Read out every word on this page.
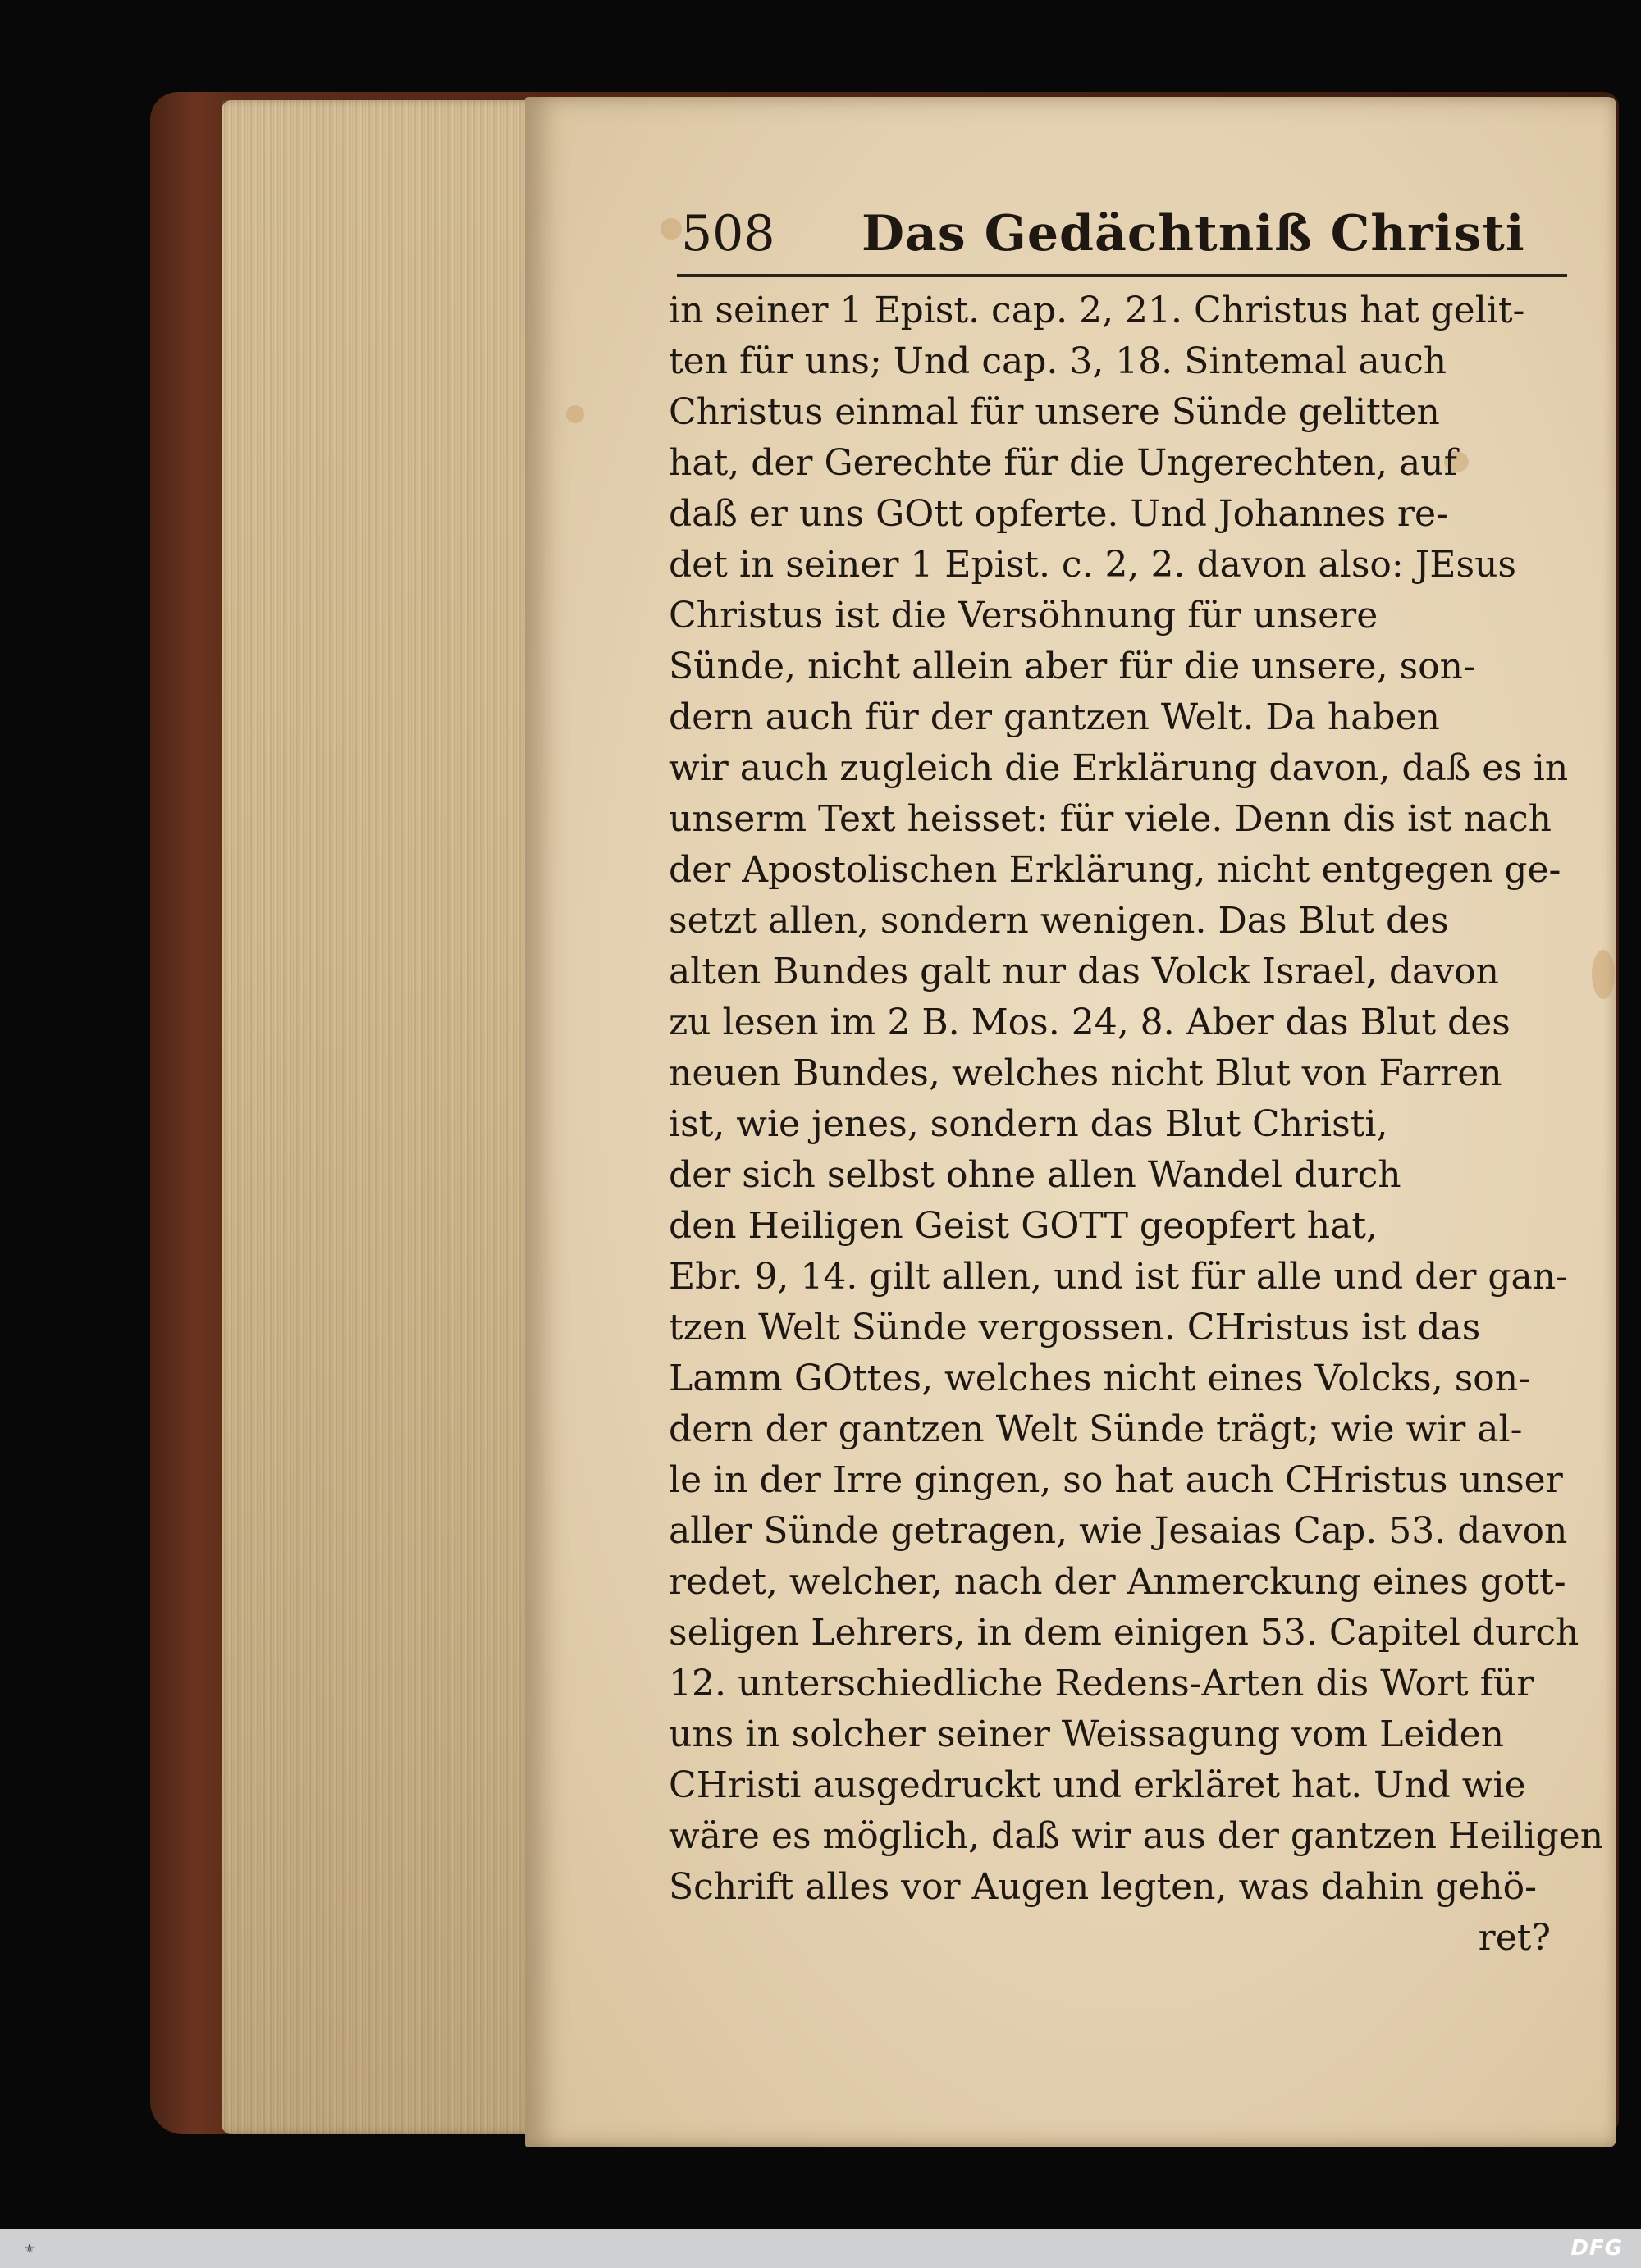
508 Das Gedächtniß Christi
in seiner 1 Epist. cap. 2, 21. Christus hat gelit-
ten für uns; Und cap. 3, 18. Sintemal auch
Christus einmal für unsere Sünde gelitten
hat, der Gerechte für die Ungerechten, auf
daß er uns GOtt opferte. Und Johannes re-
det in seiner 1 Epist. c. 2, 2. davon also: JEsus
Christus ist die Versöhnung für unsere
Sünde, nicht allein aber für die unsere, son-
dern auch für der gantzen Welt. Da haben
wir auch zugleich die Erklärung davon, daß es in
unserm Text heisset: für viele. Denn dis ist nach
der Apostolischen Erklärung, nicht entgegen ge-
setzt allen, sondern wenigen. Das Blut des
alten Bundes galt nur das Volck Israel, davon
zu lesen im 2 B. Mos. 24, 8. Aber das Blut des
neuen Bundes, welches nicht Blut von Farren
ist, wie jenes, sondern das Blut Christi,
der sich selbst ohne allen Wandel durch
den Heiligen Geist GOTT geopfert hat,
Ebr. 9, 14. gilt allen, und ist für alle und der gan-
tzen Welt Sünde vergossen. CHristus ist das
Lamm GOttes, welches nicht eines Volcks, son-
dern der gantzen Welt Sünde trägt; wie wir al-
le in der Irre gingen, so hat auch CHristus unser
aller Sünde getragen, wie Jesaias Cap. 53. davon
redet, welcher, nach der Anmerckung eines gott-
seligen Lehrers, in dem einigen 53. Capitel durch
12. unterschiedliche Redens-Arten dis Wort für
uns in solcher seiner Weissagung vom Leiden
CHristi ausgedruckt und erkläret hat. Und wie
wäre es möglich, daß wir aus der gantzen Heiligen
Schrift alles vor Augen legten, was dahin gehö-
ret?
⚜	DFG
